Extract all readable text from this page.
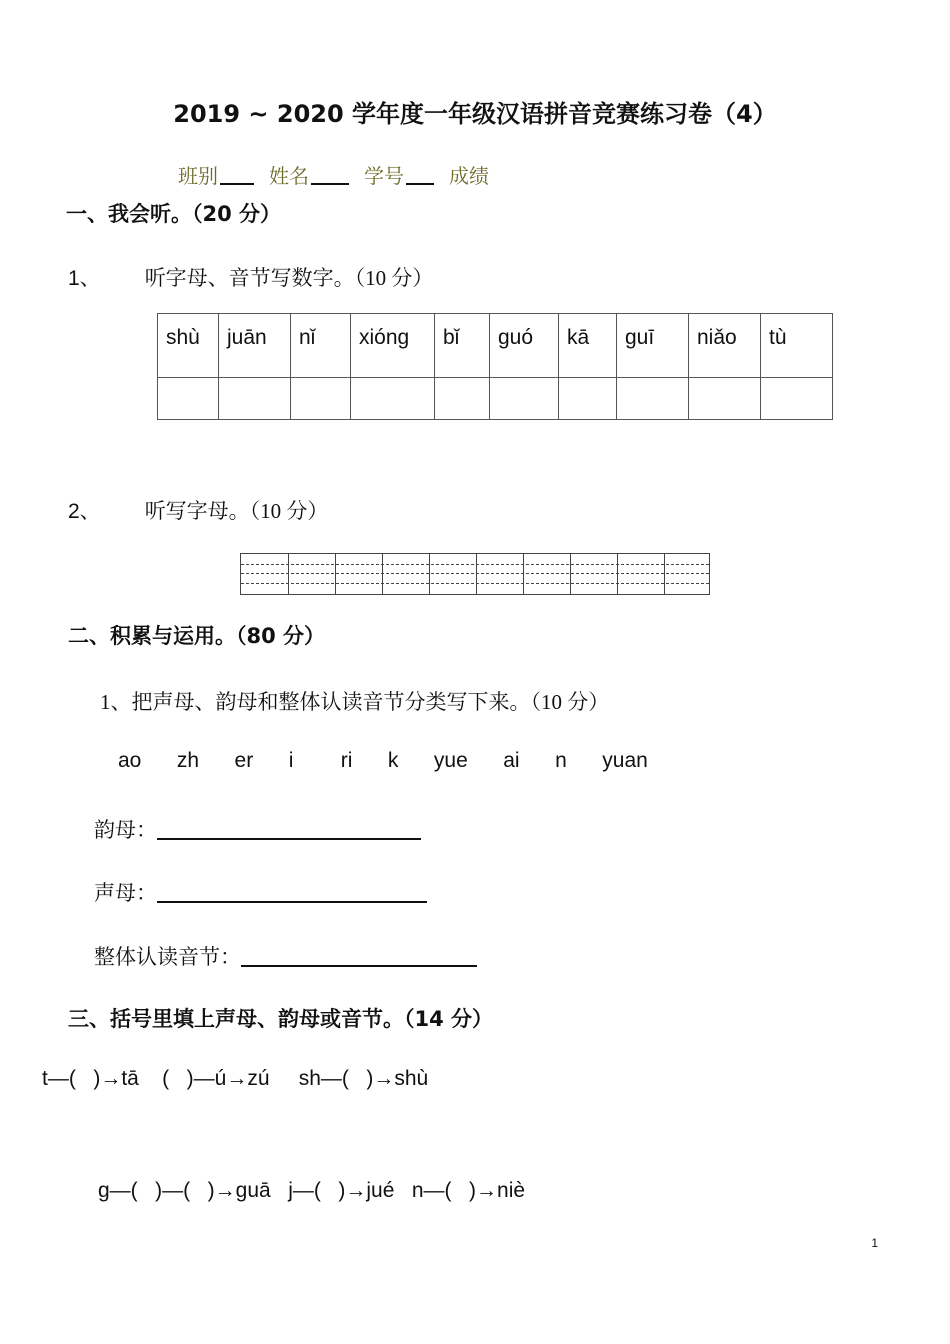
2019 ~ 2020 学年度一年级汉语拼音竞赛练习卷（4）
班别	姓名	学号 成绩
一、我会听。（20 分）
1、 听字母、音节写数字。（10 分）
shù	juān	nǐ	xióng	bǐ	guó	kā	guī	niǎo	tù

2、 听写字母。（10 分）
二、积累与运用。（80 分）
1、把声母、韵母和整体认读音节分类写下来。（10 分）
ao   zh   er   i    ri   k   yue   ai   n   yuan
韵母：
声母：
整体认读音节：
三、括号里填上声母、韵母或音节。（14 分）
t—(   )→tā    (   )—ú→zú     sh—(   )→shù
g—(   )—(   )→guā   j—(   )→jué   n—(   )→niè
1
